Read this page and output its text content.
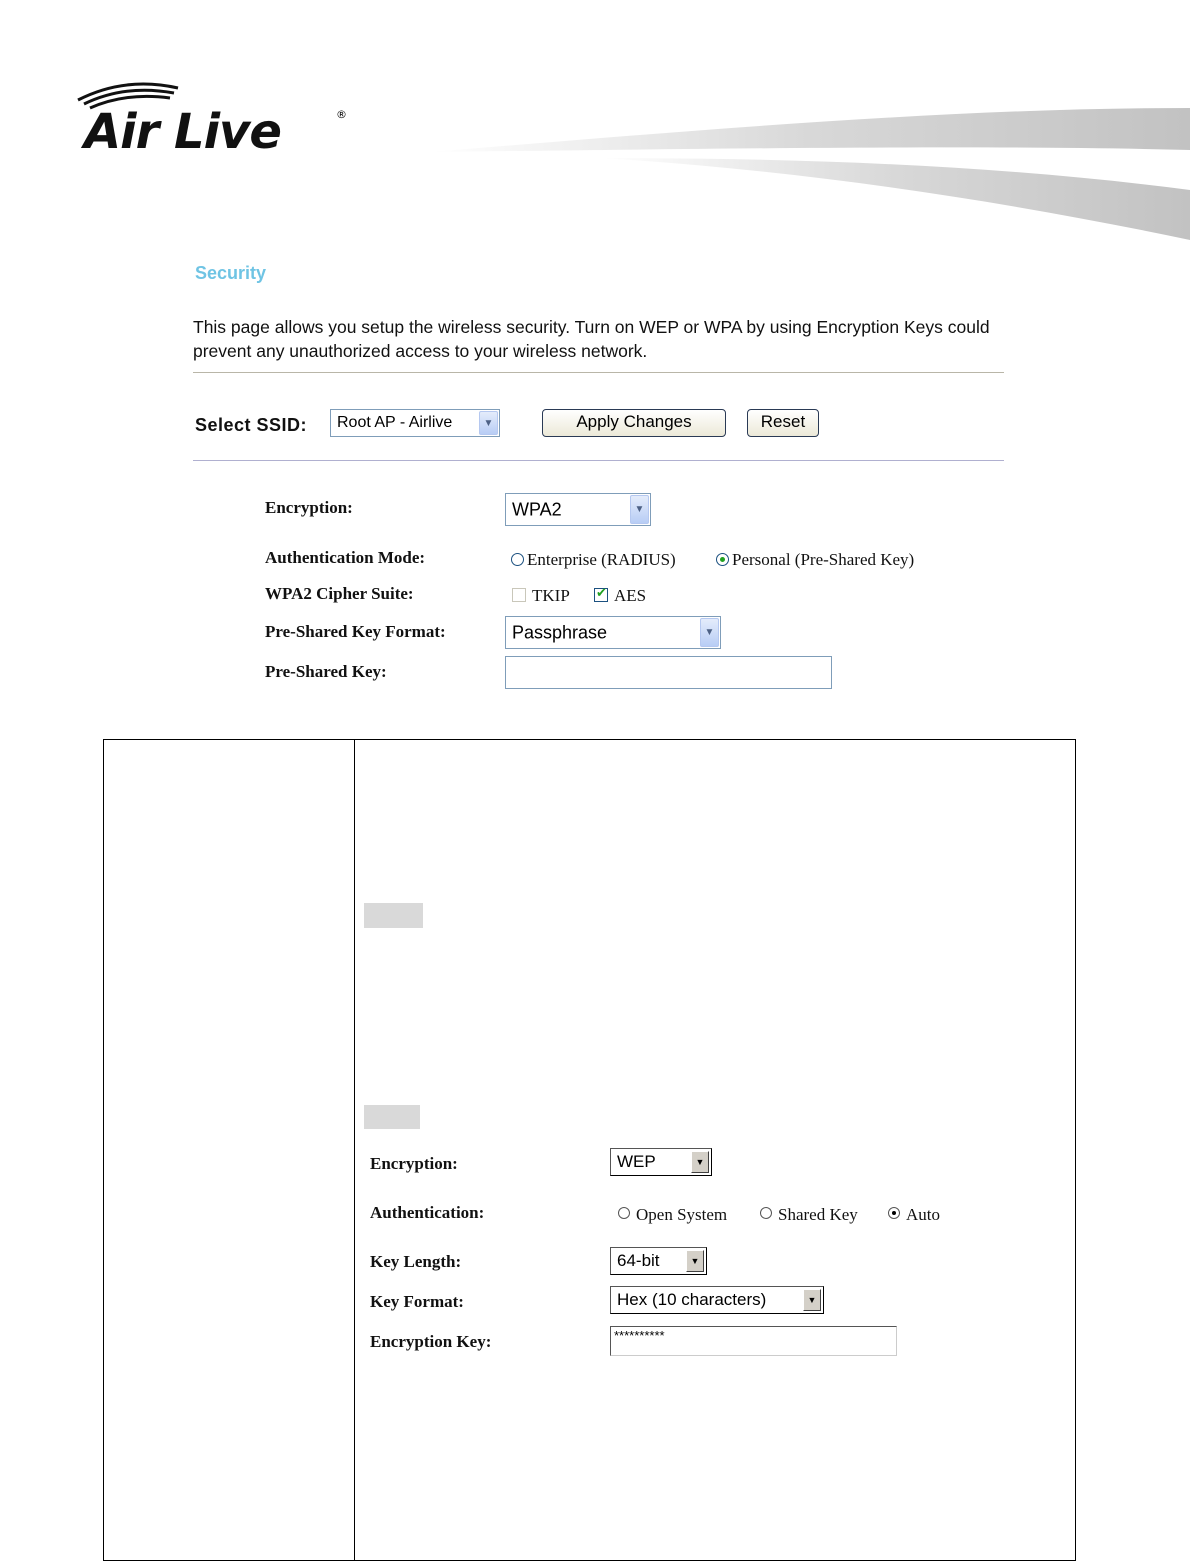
Air Live	®
Security
This page allows you setup the wireless security. Turn on WEP or WPA by using Encryption Keys could prevent any unauthorized access to your wireless network.
Select SSID: Root AP - Airlive	▼	Apply Changes	Reset
Encryption:	WPA2	▼
Authentication Mode:	Enterprise (RADIUS)	Personal (Pre-Shared Key)
WPA2 Cipher Suite:	TKIP
✔	AES
Pre-Shared Key Format:	Passphrase	▼
Pre-Shared Key:
Encryption:	WEP	▼
Authentication:	Open System	Shared Key	Auto
Key Length:	64-bit	▼
Key Format:	Hex (10 characters)	▼
Encryption Key:	**********
